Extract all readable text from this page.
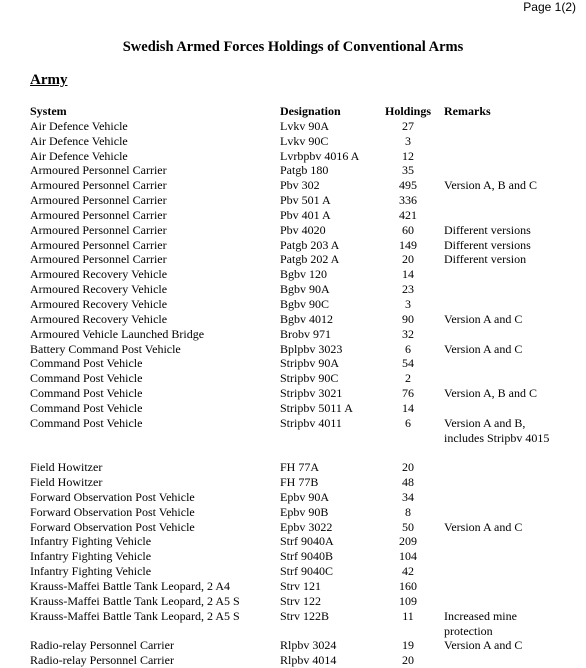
Page 1(2)
Swedish Armed Forces Holdings of Conventional Arms
Army
System	Designation	Holdings	Remarks
Air Defence Vehicle	Lvkv 90A	27
Air Defence Vehicle	Lvkv 90C	3
Air Defence Vehicle	Lvrbpbv 4016 A	12
Armoured Personnel Carrier	Patgb 180	35
Armoured Personnel Carrier	Pbv 302	495	Version A, B and C
Armoured Personnel Carrier	Pbv 501 A	336
Armoured Personnel Carrier	Pbv 401 A	421
Armoured Personnel Carrier	Pbv 4020	60	Different versions
Armoured Personnel Carrier	Patgb 203 A	149	Different versions
Armoured Personnel Carrier	Patgb 202 A	20	Different version
Armoured Recovery Vehicle	Bgbv 120	14
Armoured Recovery Vehicle	Bgbv 90A	23
Armoured Recovery Vehicle	Bgbv 90C	3
Armoured Recovery Vehicle	Bgbv 4012	90	Version A and C
Armoured Vehicle Launched Bridge	Brobv 971	32
Battery Command Post Vehicle	Bplpbv 3023	6	Version A and C
Command Post Vehicle	Stripbv 90A	54
Command Post Vehicle	Stripbv 90C	2
Command Post Vehicle	Stripbv 3021	76	Version A, B and C
Command Post Vehicle	Stripbv 5011 A	14
Command Post Vehicle	Stripbv 4011	6	Version A and B,
includes Stripbv 4015
Field Howitzer	FH 77A	20
Field Howitzer	FH 77B	48
Forward Observation Post Vehicle	Epbv 90A	34
Forward Observation Post Vehicle	Epbv 90B	8
Forward Observation Post Vehicle	Epbv 3022	50	Version A and C
Infantry Fighting Vehicle	Strf 9040A	209
Infantry Fighting Vehicle	Strf 9040B	104
Infantry Fighting Vehicle	Strf 9040C	42
Krauss-Maffei Battle Tank Leopard, 2 A4	Strv 121	160
Krauss-Maffei Battle Tank Leopard, 2 A5 S	Strv 122	109
Krauss-Maffei Battle Tank Leopard, 2 A5 S	Strv 122B	11	Increased mine
protection
Radio-relay Personnel Carrier	Rlpbv 3024	19	Version A and C
Radio-relay Personnel Carrier	Rlpbv 4014	20
